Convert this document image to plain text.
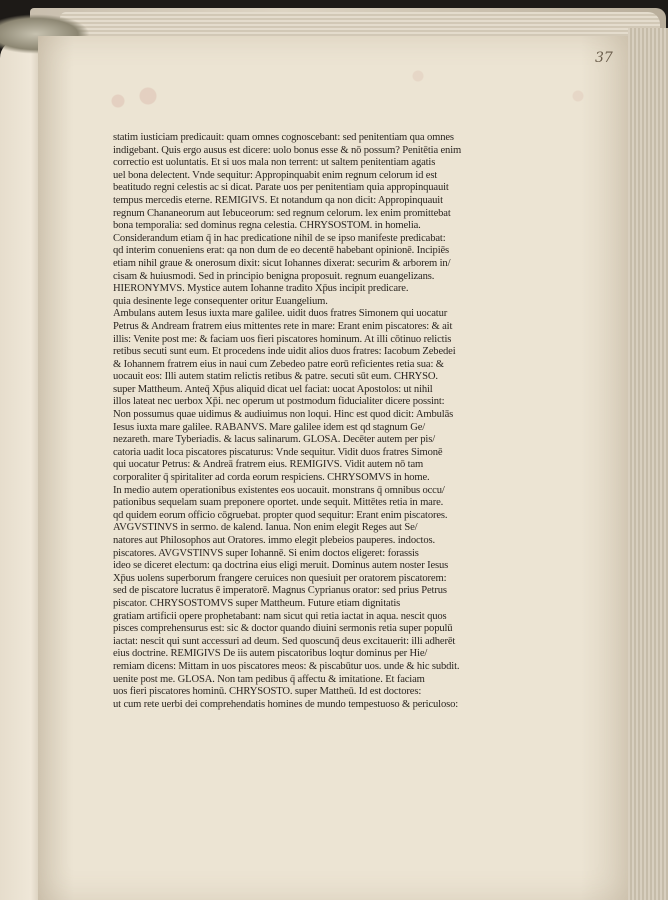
37
statim iusticiam predicauit: quam omnes cognoscebant: sed penitentiam qua omnes
indigebant. Quis ergo ausus est dicere: uolo bonus esse & nō possum? Penitētia enim
correctio est uoluntatis. Et si uos mala non terrent: ut saltem penitentiam agatis
uel bona delectent. Vnde sequitur: Appropinquabit enim regnum celorum id est
beatitudo regni celestis ac si dicat. Parate uos per penitentiam quia appropinquauit
tempus mercedis eterne. REMIGIVS. Et notandum qa non dicit: Appropinquauit
regnum Chananeorum aut Iebuceorum: sed regnum celorum. lex enim promittebat
bona temporalia: sed dominus regna celestia. CHRYSOSTOM. in homelia.
Considerandum etiam q̄ in hac predicatione nihil de se ipso manifeste predicabat:
qd̄ interim conueniens erat: qa non dum de eo decentē habebant opinionē. Incipiēs
etiam nihil graue & onerosum dixit: sicut Iohannes dixerat: securim & arborem in/
cisam & huiusmodi. Sed in principio benigna proposuit. regnum euangelizans.
HIERONYMVS. Mystice autem Iohanne tradito Xp̄us incipit predicare.
quia desinente lege consequenter oritur Euangelium.
Ambulans autem Iesus iuxta mare galilee. uidit duos fratres Simonem qui uocatur
Petrus & Andream fratrem eius mittentes rete in mare: Erant enim piscatores: & ait
illis: Venite post me: & faciam uos fieri piscatores hominum. At illi cōtinuo relictis
retibus secuti sunt eum. Et procedens inde uidit alios duos fratres: Iacobum Zebedei
& Iohannem fratrem eius in naui cum Zebedeo patre eorū reficientes retia sua: &
uocauit eos: Illi autem statim relictis retibus & patre. secuti sūt eum. CHRYSO.
super Mattheum. Anteq̄ Xp̄us aliquid dicat uel faciat: uocat Apostolos: ut nihil
illos lateat nec uerbox Xp̄i. nec operum ut postmodum fiducialiter dicere possint:
Non possumus quae uidimus & audiuimus non loqui. Hinc est quod dicit: Ambulās
Iesus iuxta mare galilee. RABANVS. Mare galilee idem est qd̄ stagnum Ge/
nezareth. mare Tyberiadis. & lacus salinarum. GLOSA. Decēter autem per pis/
catoria uadit loca piscatores piscaturus: Vnde sequitur. Vidit duos fratres Simonē
qui uocatur Petrus: & Andreā fratrem eius. REMIGIVS. Vidit autem nō tam
corporaliter q̄ spiritaliter ad corda eorum respiciens. CHRYSOMVS in home.
In medio autem operationibus existentes eos uocauit. monstrans q̄ omnibus occu/
pationibus sequelam suam preponere oportet. unde sequit. Mittētes retia in mare.
qd̄ quidem eorum officio cōgruebat. propter quod sequitur: Erant enim piscatores.
AVGVSTINVS in sermo. de kalend. Ianua. Non enim elegit Reges aut Se/
natores aut Philosophos aut Oratores. immo elegit plebeios pauperes. indoctos.
piscatores. AVGVSTINVS super Iohannē. Si enim doctos eligeret: forassis
ideo se diceret electum: qa doctrina eius eligi meruit. Dominus autem noster Iesus
Xp̄us uolens superborum frangere ceruices non quesiuit per oratorem piscatorem:
sed de piscatore lucratus ē imperatorē. Magnus Cyprianus orator: sed prius Petrus
piscator. CHRYSOSTOMVS super Mattheum. Future etiam dignitatis
gratiam artificii opere prophetabant: nam sicut qui retia iactat in aqua. nescit quos
pisces comprehensurus est: sic & doctor quando diuini sermonis retia super populū
iactat: nescit qui sunt accessuri ad deum. Sed quoscunq̄ deus excitauerit: illi adherēt
eius doctrine. REMIGIVS De iis autem piscatoribus loqtur dominus per Hie/
remiam dicens: Mittam in uos piscatores meos: & piscabūtur uos. unde & hic subdit.
uenite post me. GLOSA. Non tam pedibus q̄ affectu & imitatione. Et faciam
uos fieri piscatores hominū. CHRYSOSTO. super Mattheū. Id est doctores:
ut cum rete uerbi dei comprehendatis homines de mundo tempestuoso & periculoso:
